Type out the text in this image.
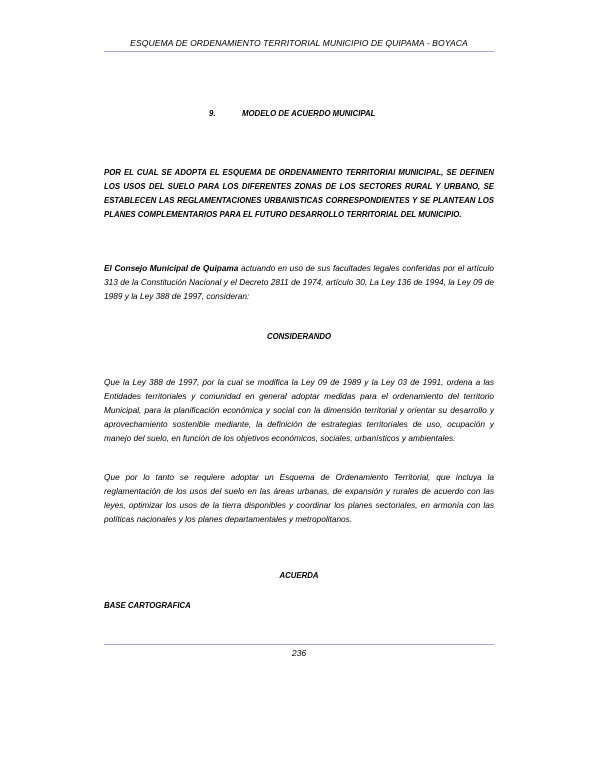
ESQUEMA DE ORDENAMIENTO TERRITORIAL MUNICIPIO DE QUIPAMA - BOYACA
9.	MODELO DE ACUERDO MUNICIPAL
POR EL CUAL SE ADOPTA EL ESQUEMA DE ORDENAMIENTO TERRITORIAl MUNICIPAL, SE DEFINEN LOS USOS DEL SUELO PARA LOS DIFERENTES ZONAS DE LOS SECTORES RURAL Y URBANO, SE ESTABLECEN LAS REGLAMENTACIONES URBANISTICAS CORRESPONDIENTES Y SE PLANTEAN LOS PLANES COMPLEMENTARIOS PARA EL FUTURO DESARROLLO TERRITORIAL DEL MUNICIPIO.
El Consejo Municipal de Quipama actuando en uso de sus facultades legales conferidas por el artículo 313 de la Constitución Nacional y el Decreto 2811 de 1974, artículo 30, La Ley 136 de 1994, la Ley 09 de 1989 y la Ley 388 de 1997, consideran:
CONSIDERANDO
Que la Ley 388 de 1997, por la cual se modifica la Ley 09 de 1989 y la Ley 03 de 1991, ordena a las Entidades territoriales y comunidad en general adoptar medidas para el ordenamiento del territorio Municipal, para la planificación económica y social con la dimensión territorial y orientar su desarrollo y aprovechamiento sostenible mediante, la definición de estrategias territoriales de uso, ocupación y manejo del suelo, en función de los objetivos económicos, sociales, urbanísticos y ambientales.
Que por lo tanto se requiere adoptar un Esquema de Ordenamiento Territorial, que incluya la reglamentación de los usos del suelo en las áreas urbanas, de expansión y rurales de acuerdo con las leyes, optimizar los usos de la tierra disponibles y coordinar los planes sectoriales, en armonía con las políticas nacionales y los planes departamentales y metropolitanos.
ACUERDA
BASE CARTOGRAFICA
236
